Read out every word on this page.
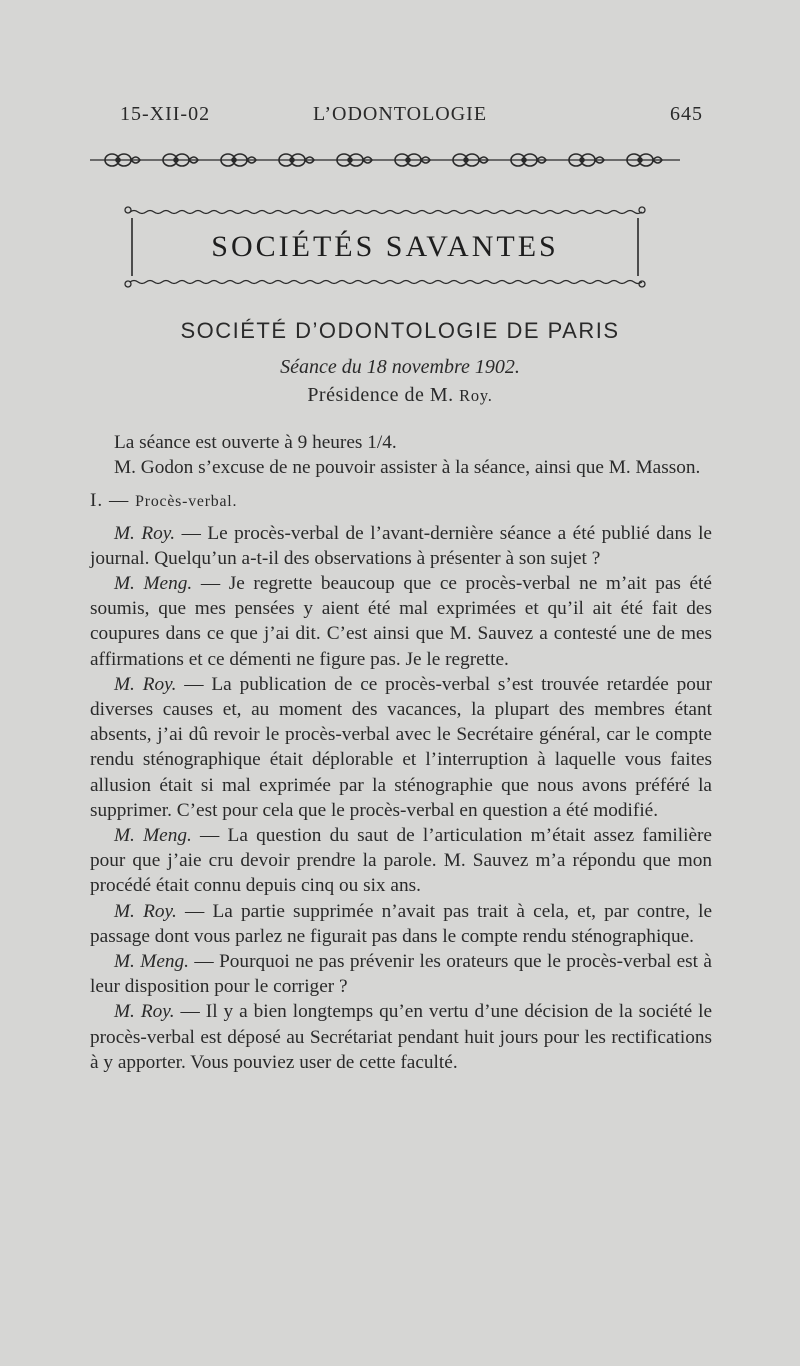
15-XII-02	L’ODONTOLOGIE	645
SOCIÉTÉS SAVANTES
SOCIÉTÉ D’ODONTOLOGIE DE PARIS
Séance du 18 novembre 1902.
Présidence de M. Roy.

La séance est ouverte à 9 heures 1/4.

M. Godon s’excuse de ne pouvoir assister à la séance, ainsi que M. Masson.

I. — Procès-verbal.

M. Roy. — Le procès-verbal de l’avant-dernière séance a été publié dans le journal. Quelqu’un a-t-il des observations à présenter à son sujet ?

M. Meng. — Je regrette beaucoup que ce procès-verbal ne m’ait pas été soumis, que mes pensées y aient été mal exprimées et qu’il ait été fait des coupures dans ce que j’ai dit. C’est ainsi que M. Sauvez a contesté une de mes affirmations et ce démenti ne figure pas. Je le regrette.

M. Roy. — La publication de ce procès-verbal s’est trouvée retardée pour diverses causes et, au moment des vacances, la plupart des membres étant absents, j’ai dû revoir le procès-verbal avec le Secrétaire général, car le compte rendu sténographique était déplorable et l’interruption à laquelle vous faites allusion était si mal exprimée par la sténographie que nous avons préféré la supprimer. C’est pour cela que le procès-verbal en question a été modifié.

M. Meng. — La question du saut de l’articulation m’était assez familière pour que j’aie cru devoir prendre la parole. M. Sauvez m’a répondu que mon procédé était connu depuis cinq ou six ans.

M. Roy. — La partie supprimée n’avait pas trait à cela, et, par contre, le passage dont vous parlez ne figurait pas dans le compte rendu sténographique.

M. Meng. — Pourquoi ne pas prévenir les orateurs que le procès-verbal est à leur disposition pour le corriger ?

M. Roy. — Il y a bien longtemps qu’en vertu d’une décision de la société le procès-verbal est déposé au Secrétariat pendant huit jours pour les rectifications à y apporter. Vous pouviez user de cette faculté.
